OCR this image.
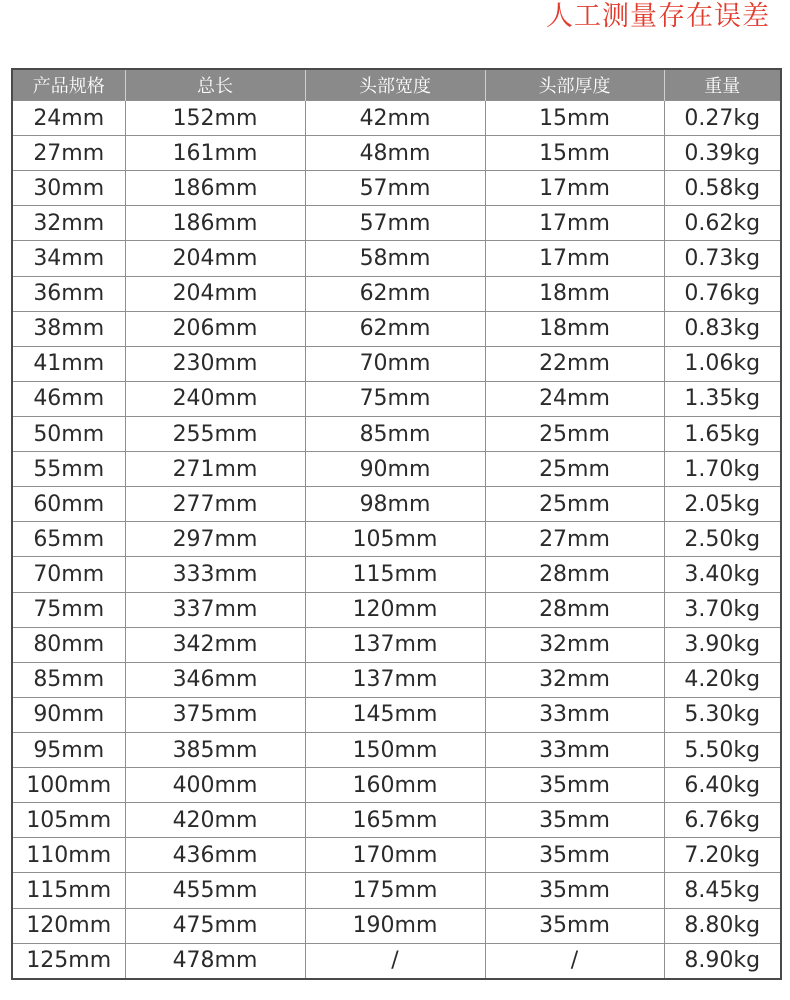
人工测量存在误差
产品规格	总长	头部宽度	头部厚度	重量
24mm	152mm	42mm	15mm	0.27kg
27mm	161mm	48mm	15mm	0.39kg
30mm	186mm	57mm	17mm	0.58kg
32mm	186mm	57mm	17mm	0.62kg
34mm	204mm	58mm	17mm	0.73kg
36mm	204mm	62mm	18mm	0.76kg
38mm	206mm	62mm	18mm	0.83kg
41mm	230mm	70mm	22mm	1.06kg
46mm	240mm	75mm	24mm	1.35kg
50mm	255mm	85mm	25mm	1.65kg
55mm	271mm	90mm	25mm	1.70kg
60mm	277mm	98mm	25mm	2.05kg
65mm	297mm	105mm	27mm	2.50kg
70mm	333mm	115mm	28mm	3.40kg
75mm	337mm	120mm	28mm	3.70kg
80mm	342mm	137mm	32mm	3.90kg
85mm	346mm	137mm	32mm	4.20kg
90mm	375mm	145mm	33mm	5.30kg
95mm	385mm	150mm	33mm	5.50kg
100mm	400mm	160mm	35mm	6.40kg
105mm	420mm	165mm	35mm	6.76kg
110mm	436mm	170mm	35mm	7.20kg
115mm	455mm	175mm	35mm	8.45kg
120mm	475mm	190mm	35mm	8.80kg
125mm	478mm	/	/	8.90kg
